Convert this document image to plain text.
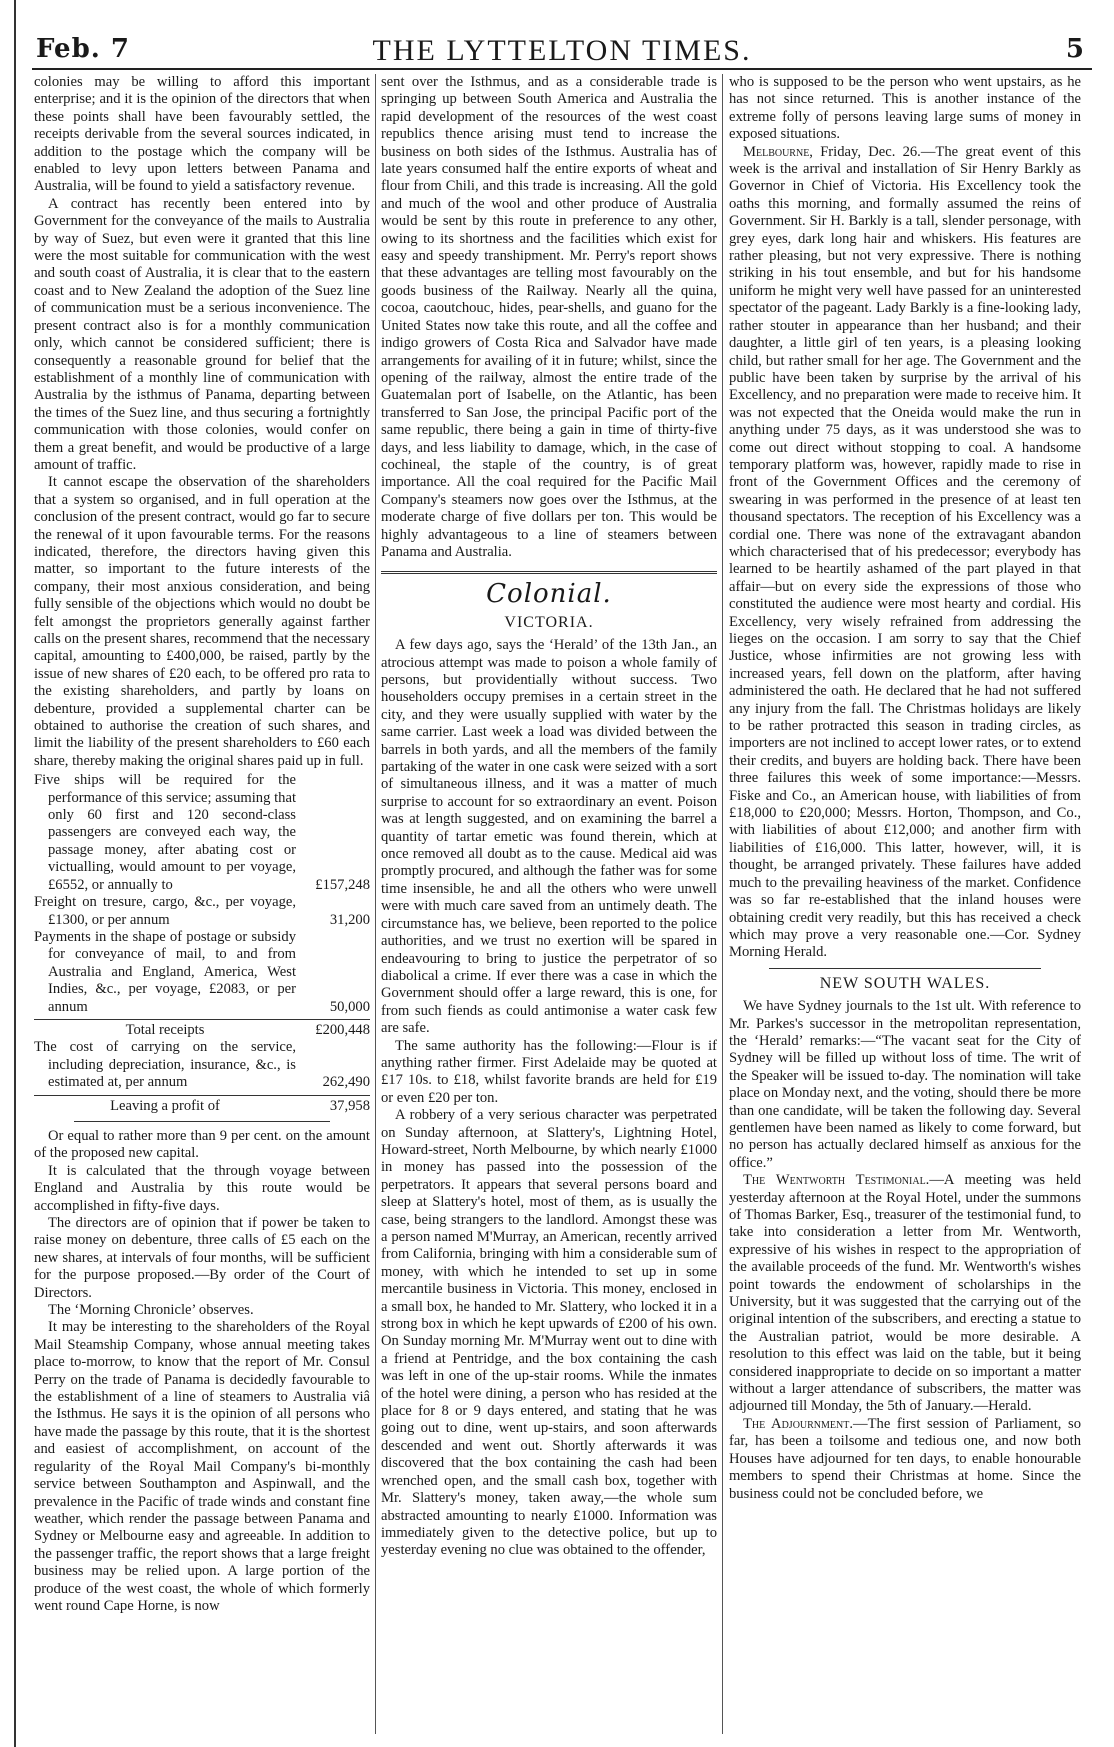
Feb. 7	THE LYTTELTON TIMES.	5

colonies may be willing to afford this important enterprise; and it is the opinion of the directors that when these points shall have been favourably settled, the receipts derivable from the several sources indicated, in addition to the postage which the company will be enabled to levy upon letters between Panama and Australia, will be found to yield a satisfactory revenue.

A contract has recently been entered into by Government for the conveyance of the mails to Australia by way of Suez, but even were it granted that this line were the most suitable for communication with the west and south coast of Australia, it is clear that to the eastern coast and to New Zealand the adoption of the Suez line of communication must be a serious inconvenience. The present contract also is for a monthly communication only, which cannot be considered sufficient; there is consequently a reasonable ground for belief that the establishment of a monthly line of communication with Australia by the isthmus of Panama, departing between the times of the Suez line, and thus securing a fortnightly communication with those colonies, would confer on them a great benefit, and would be productive of a large amount of traffic.

It cannot escape the observation of the shareholders that a system so organised, and in full operation at the conclusion of the present contract, would go far to secure the renewal of it upon favourable terms. For the reasons indicated, therefore, the directors having given this matter, so important to the future interests of the company, their most anxious consideration, and being fully sensible of the objections which would no doubt be felt amongst the proprietors generally against farther calls on the present shares, recommend that the necessary capital, amounting to £400,000, be raised, partly by the issue of new shares of £20 each, to be offered pro rata to the existing shareholders, and partly by loans on debenture, provided a supplemental charter can be obtained to authorise the creation of such shares, and limit the liability of the present shareholders to £60 each share, thereby making the original shares paid up in full.

Five ships will be required for the performance of this service; assuming that only 60 first and 120 second-class passengers are conveyed each way, the passage money, after abating cost or victualling, would amount to per voyage, £6552, or annually to	£157,248
Freight on tresure, cargo, &c., per voyage, £1300, or per annum	31,200
Payments in the shape of postage or subsidy for conveyance of mail, to and from Australia and England, America, West Indies, &c., per voyage, £2083, or per annum	50,000
Total receipts	£200,448
The cost of carrying on the service, including depreciation, insurance, &c., is estimated at, per annum	262,490
Leaving a profit of	37,958

Or equal to rather more than 9 per cent. on the amount of the proposed new capital.

It is calculated that the through voyage between England and Australia by this route would be accomplished in fifty-five days.

The directors are of opinion that if power be taken to raise money on debenture, three calls of £5 each on the new shares, at intervals of four months, will be sufficient for the purpose proposed.—By order of the Court of Directors.

The ‘Morning Chronicle’ observes.

It may be interesting to the shareholders of the Royal Mail Steamship Company, whose annual meeting takes place to-morrow, to know that the report of Mr. Consul Perry on the trade of Panama is decidedly favourable to the establishment of a line of steamers to Australia viâ the Isthmus. He says it is the opinion of all persons who have made the passage by this route, that it is the shortest and easiest of accomplishment, on account of the regularity of the Royal Mail Company's bi-monthly service between Southampton and Aspinwall, and the prevalence in the Pacific of trade winds and constant fine weather, which render the passage between Panama and Sydney or Melbourne easy and agreeable. In addition to the passenger traffic, the report shows that a large freight business may be relied upon. A large portion of the produce of the west coast, the whole of which formerly went round Cape Horne, is now

sent over the Isthmus, and as a considerable trade is springing up between South America and Australia the rapid development of the resources of the west coast republics thence arising must tend to increase the business on both sides of the Isthmus. Australia has of late years consumed half the entire exports of wheat and flour from Chili, and this trade is increasing. All the gold and much of the wool and other produce of Australia would be sent by this route in preference to any other, owing to its shortness and the facilities which exist for easy and speedy transhipment. Mr. Perry's report shows that these advantages are telling most favourably on the goods business of the Railway. Nearly all the quina, cocoa, caoutchouc, hides, pear-shells, and guano for the United States now take this route, and all the coffee and indigo growers of Costa Rica and Salvador have made arrangements for availing of it in future; whilst, since the opening of the railway, almost the entire trade of the Guatemalan port of Isabelle, on the Atlantic, has been transferred to San Jose, the principal Pacific port of the same republic, there being a gain in time of thirty-five days, and less liability to damage, which, in the case of cochineal, the staple of the country, is of great importance. All the coal required for the Pacific Mail Company's steamers now goes over the Isthmus, at the moderate charge of five dollars per ton. This would be highly advantageous to a line of steamers between Panama and Australia.

Colonial.
VICTORIA.

A few days ago, says the ‘Herald’ of the 13th Jan., an atrocious attempt was made to poison a whole family of persons, but providentially without success. Two householders occupy premises in a certain street in the city, and they were usually supplied with water by the same carrier. Last week a load was divided between the barrels in both yards, and all the members of the family partaking of the water in one cask were seized with a sort of simultaneous illness, and it was a matter of much surprise to account for so extraordinary an event. Poison was at length suggested, and on examining the barrel a quantity of tartar emetic was found therein, which at once removed all doubt as to the cause. Medical aid was promptly procured, and although the father was for some time insensible, he and all the others who were unwell were with much care saved from an untimely death. The circumstance has, we believe, been reported to the police authorities, and we trust no exertion will be spared in endeavouring to bring to justice the perpetrator of so diabolical a crime. If ever there was a case in which the Government should offer a large reward, this is one, for from such fiends as could antimonise a water cask few are safe.

The same authority has the following:—Flour is if anything rather firmer. First Adelaide may be quoted at £17 10s. to £18, whilst favorite brands are held for £19 or even £20 per ton.

A robbery of a very serious character was perpetrated on Sunday afternoon, at Slattery's, Lightning Hotel, Howard-street, North Melbourne, by which nearly £1000 in money has passed into the possession of the perpetrators. It appears that several persons board and sleep at Slattery's hotel, most of them, as is usually the case, being strangers to the landlord. Amongst these was a person named M'Murray, an American, recently arrived from California, bringing with him a considerable sum of money, with which he intended to set up in some mercantile business in Victoria. This money, enclosed in a small box, he handed to Mr. Slattery, who locked it in a strong box in which he kept upwards of £200 of his own. On Sunday morning Mr. M'Murray went out to dine with a friend at Pentridge, and the box containing the cash was left in one of the up-stair rooms. While the inmates of the hotel were dining, a person who has resided at the place for 8 or 9 days entered, and stating that he was going out to dine, went up-stairs, and soon afterwards descended and went out. Shortly afterwards it was discovered that the box containing the cash had been wrenched open, and the small cash box, together with Mr. Slattery's money, taken away,—the whole sum abstracted amounting to nearly £1000. Information was immediately given to the detective police, but up to yesterday evening no clue was obtained to the offender,

who is supposed to be the person who went upstairs, as he has not since returned. This is another instance of the extreme folly of persons leaving large sums of money in exposed situations.

Melbourne, Friday, Dec. 26.—The great event of this week is the arrival and installation of Sir Henry Barkly as Governor in Chief of Victoria. His Excellency took the oaths this morning, and formally assumed the reins of Government. Sir H. Barkly is a tall, slender personage, with grey eyes, dark long hair and whiskers. His features are rather pleasing, but not very expressive. There is nothing striking in his tout ensemble, and but for his handsome uniform he might very well have passed for an uninterested spectator of the pageant. Lady Barkly is a fine-looking lady, rather stouter in appearance than her husband; and their daughter, a little girl of ten years, is a pleasing looking child, but rather small for her age. The Government and the public have been taken by surprise by the arrival of his Excellency, and no preparation were made to receive him. It was not expected that the Oneida would make the run in anything under 75 days, as it was understood she was to come out direct without stopping to coal. A handsome temporary platform was, however, rapidly made to rise in front of the Government Offices and the ceremony of swearing in was performed in the presence of at least ten thousand spectators. The reception of his Excellency was a cordial one. There was none of the extravagant abandon which characterised that of his predecessor; everybody has learned to be heartily ashamed of the part played in that affair—but on every side the expressions of those who constituted the audience were most hearty and cordial. His Excellency, very wisely refrained from addressing the lieges on the occasion. I am sorry to say that the Chief Justice, whose infirmities are not growing less with increased years, fell down on the platform, after having administered the oath. He declared that he had not suffered any injury from the fall. The Christmas holidays are likely to be rather protracted this season in trading circles, as importers are not inclined to accept lower rates, or to extend their credits, and buyers are holding back. There have been three failures this week of some importance:—Messrs. Fiske and Co., an American house, with liabilities of from £18,000 to £20,000; Messrs. Horton, Thompson, and Co., with liabilities of about £12,000; and another firm with liabilities of £16,000. This latter, however, will, it is thought, be arranged privately. These failures have added much to the prevailing heaviness of the market. Confidence was so far re-established that the inland houses were obtaining credit very readily, but this has received a check which may prove a very reasonable one.—Cor. Sydney Morning Herald.

NEW SOUTH WALES.

We have Sydney journals to the 1st ult. With reference to Mr. Parkes's successor in the metropolitan representation, the ‘Herald’ remarks:—“The vacant seat for the City of Sydney will be filled up without loss of time. The writ of the Speaker will be issued to-day. The nomination will take place on Monday next, and the voting, should there be more than one candidate, will be taken the following day. Several gentlemen have been named as likely to come forward, but no person has actually declared himself as anxious for the office.”

The Wentworth Testimonial.—A meeting was held yesterday afternoon at the Royal Hotel, under the summons of Thomas Barker, Esq., treasurer of the testimonial fund, to take into consideration a letter from Mr. Wentworth, expressive of his wishes in respect to the appropriation of the available proceeds of the fund. Mr. Wentworth's wishes point towards the endowment of scholarships in the University, but it was suggested that the carrying out of the original intention of the subscribers, and erecting a statue to the Australian patriot, would be more desirable. A resolution to this effect was laid on the table, but it being considered inappropriate to decide on so important a matter without a larger attendance of subscribers, the matter was adjourned till Monday, the 5th of January.—Herald.

The Adjournment.—The first session of Parliament, so far, has been a toilsome and tedious one, and now both Houses have adjourned for ten days, to enable honourable members to spend their Christmas at home. Since the business could not be concluded before, we
